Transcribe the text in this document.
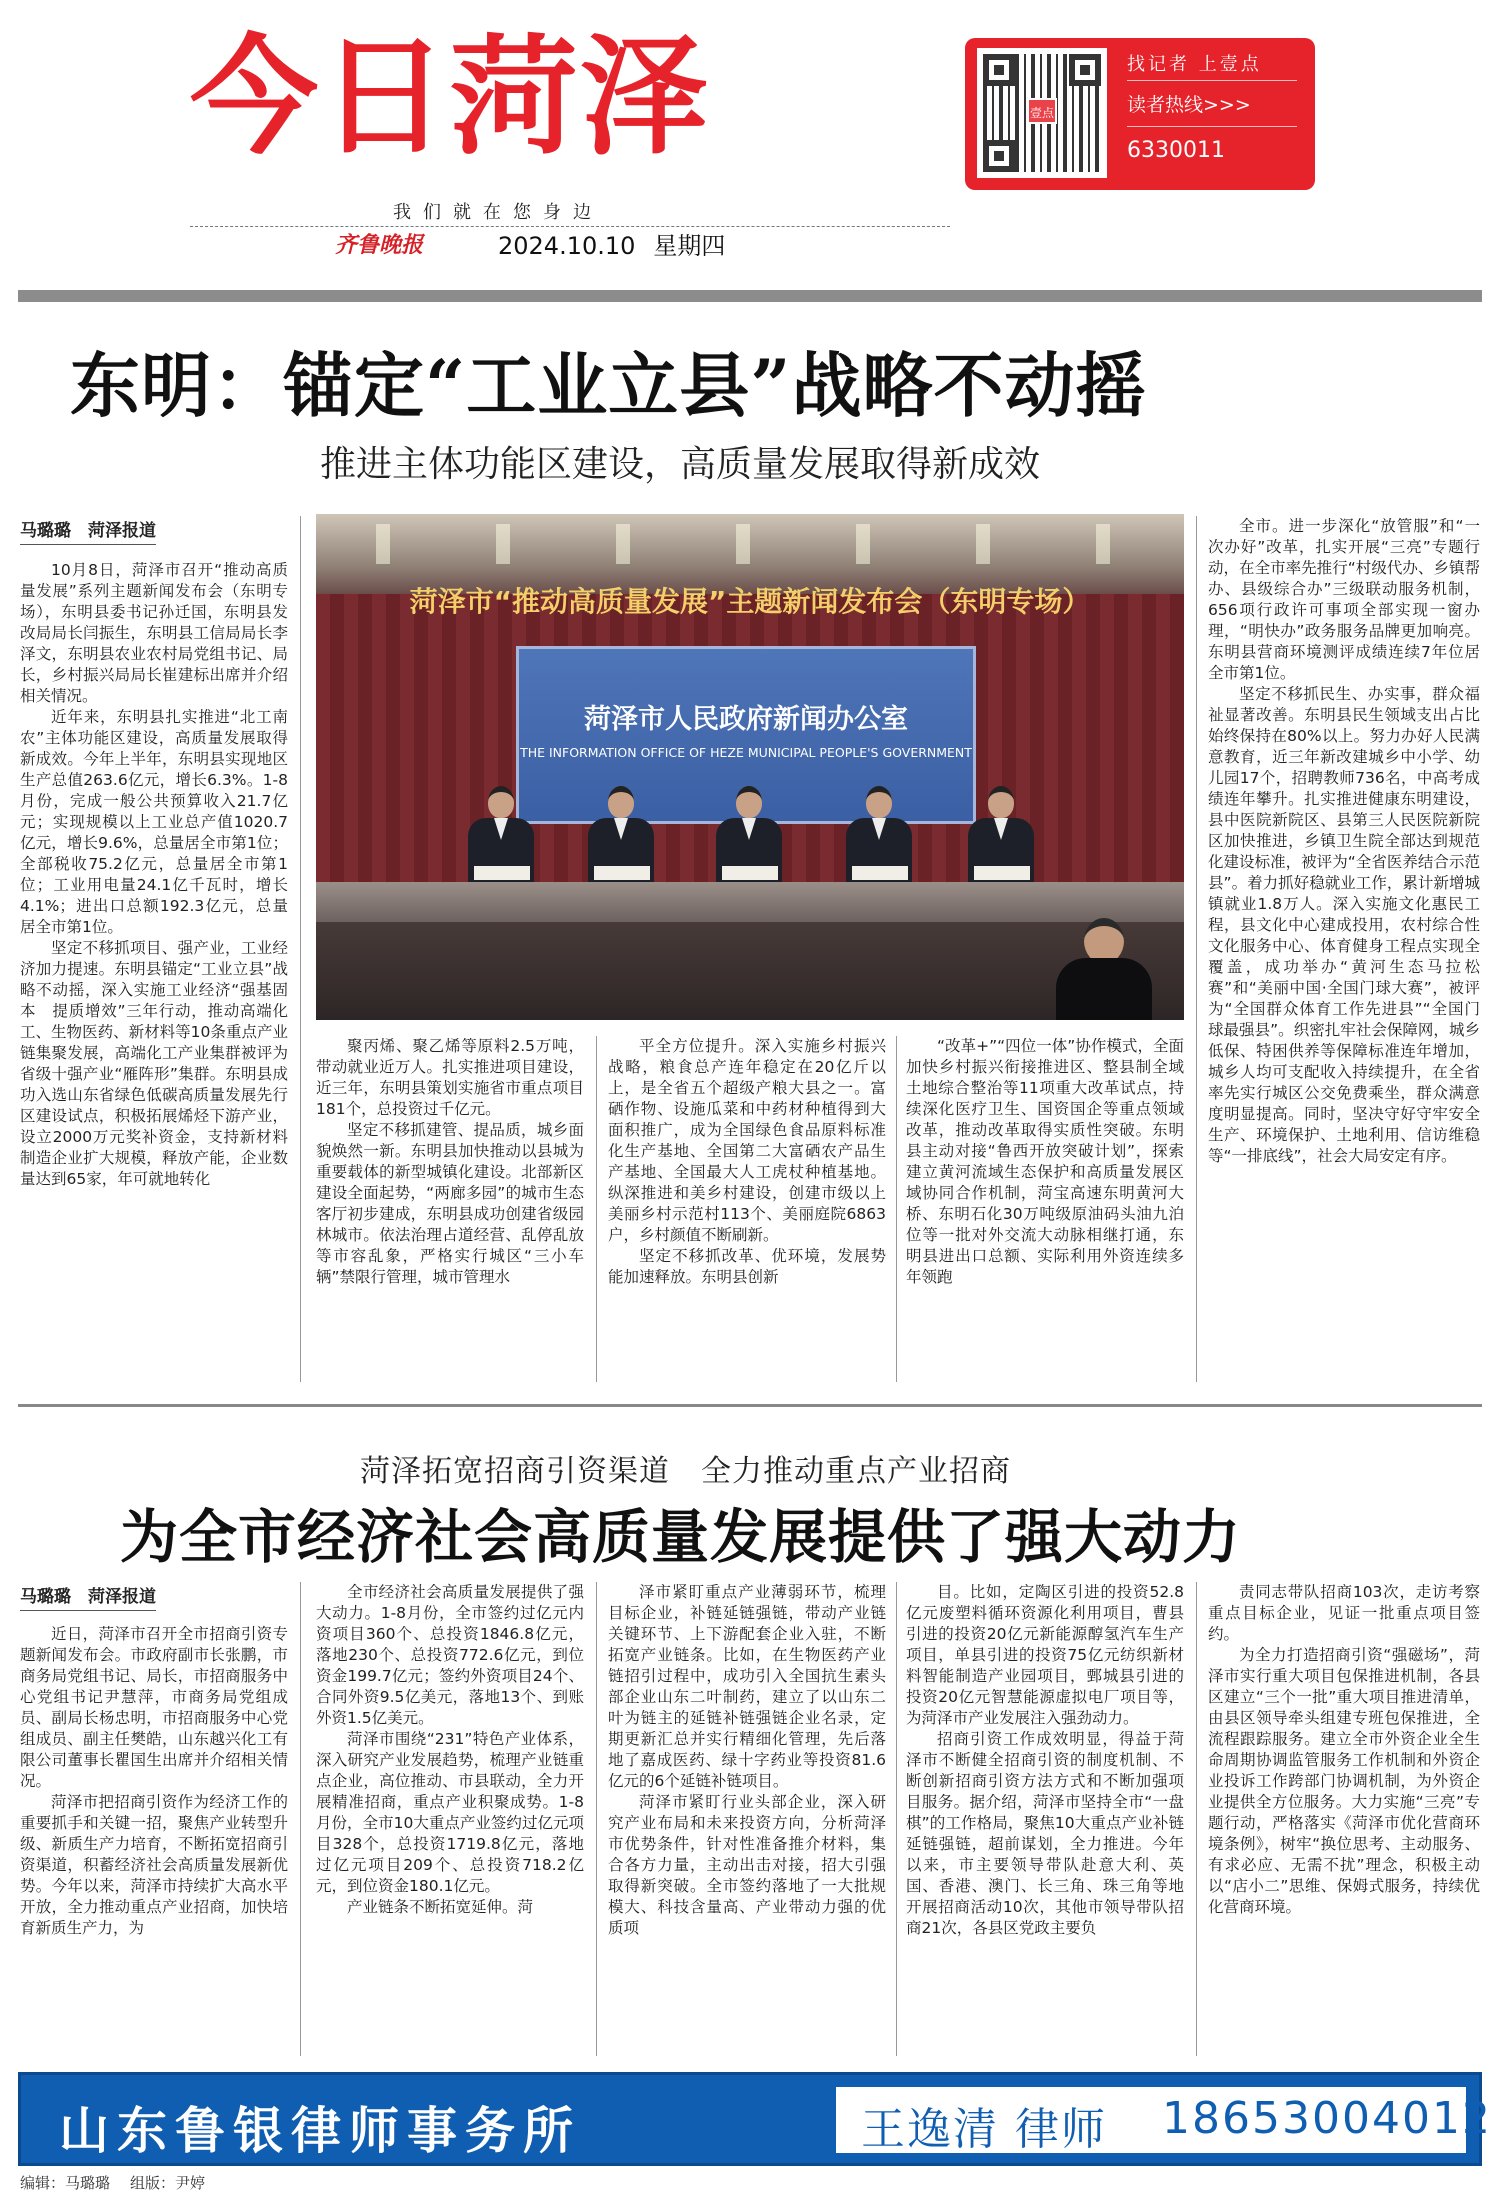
今日菏泽
我们就在您身边
齐鲁晚报	2024.10.10 星期四
壹点
找记者 上壹点
读者热线>>>
6330011
东明：锚定“工业立县”战略不动摇
推进主体功能区建设，高质量发展取得新成效
马璐璐　菏泽报道

10月8日，菏泽市召开“推动高质量发展”系列主题新闻发布会（东明专场），东明县委书记孙迁国，东明县发改局局长闫振生，东明县工信局局长李泽文，东明县农业农村局党组书记、局长，乡村振兴局局长崔建标出席并介绍相关情况。

近年来，东明县扎实推进“北工南农”主体功能区建设，高质量发展取得新成效。今年上半年，东明县实现地区生产总值263.6亿元，增长6.3%。1-8月份，完成一般公共预算收入21.7亿元；实现规模以上工业总产值1020.7亿元，增长9.6%，总量居全市第1位；全部税收75.2亿元，总量居全市第1位；工业用电量24.1亿千瓦时，增长4.1%；进出口总额192.3亿元，总量居全市第1位。

坚定不移抓项目、强产业，工业经济加力提速。东明县锚定“工业立县”战略不动摇，深入实施工业经济“强基固本　提质增效”三年行动，推动高端化工、生物医药、新材料等10条重点产业链集聚发展，高端化工产业集群被评为省级十强产业“雁阵形”集群。东明县成功入选山东省绿色低碳高质量发展先行区建设试点，积极拓展烯烃下游产业，设立2000万元奖补资金，支持新材料制造企业扩大规模，释放产能，企业数量达到65家，年可就地转化

菏泽市“推动高质量发展”主题新闻发布会（东明专场）
菏泽市人民政府新闻办公室
THE INFORMATION OFFICE OF HEZE MUNICIPAL PEOPLE'S GOVERNMENT

聚丙烯、聚乙烯等原料2.5万吨，带动就业近万人。扎实推进项目建设，近三年，东明县策划实施省市重点项目181个，总投资过千亿元。

坚定不移抓建管、提品质，城乡面貌焕然一新。东明县加快推动以县城为重要载体的新型城镇化建设。北部新区建设全面起势，“两廊多园”的城市生态客厅初步建成，东明县成功创建省级园林城市。依法治理占道经营、乱停乱放等市容乱象，严格实行城区“三小车辆”禁限行管理，城市管理水

平全方位提升。深入实施乡村振兴战略，粮食总产连年稳定在20亿斤以上，是全省五个超级产粮大县之一。富硒作物、设施瓜菜和中药材种植得到大面积推广，成为全国绿色食品原料标准化生产基地、全国第二大富硒农产品生产基地、全国最大人工虎杖种植基地。纵深推进和美乡村建设，创建市级以上美丽乡村示范村113个、美丽庭院6863户，乡村颜值不断刷新。

坚定不移抓改革、优环境，发展势能加速释放。东明县创新

“改革+”“四位一体”协作模式，全面加快乡村振兴衔接推进区、整县制全域土地综合整治等11项重大改革试点，持续深化医疗卫生、国资国企等重点领域改革，推动改革取得实质性突破。东明县主动对接“鲁西开放突破计划”，探索建立黄河流域生态保护和高质量发展区域协同合作机制，菏宝高速东明黄河大桥、东明石化30万吨级原油码头油九泊位等一批对外交流大动脉相继打通，东明县进出口总额、实际利用外资连续多年领跑

全市。进一步深化“放管服”和“一次办好”改革，扎实开展“三亮”专题行动，在全市率先推行“村级代办、乡镇帮办、县级综合办”三级联动服务机制，656项行政许可事项全部实现一窗办理，“明快办”政务服务品牌更加响亮。东明县营商环境测评成绩连续7年位居全市第1位。

坚定不移抓民生、办实事，群众福祉显著改善。东明县民生领域支出占比始终保持在80%以上。努力办好人民满意教育，近三年新改建城乡中小学、幼儿园17个，招聘教师736名，中高考成绩连年攀升。扎实推进健康东明建设，县中医院新院区、县第三人民医院新院区加快推进，乡镇卫生院全部达到规范化建设标准，被评为“全省医养结合示范县”。着力抓好稳就业工作，累计新增城镇就业1.8万人。深入实施文化惠民工程，县文化中心建成投用，农村综合性文化服务中心、体育健身工程点实现全覆盖，成功举办“黄河生态马拉松赛”和“美丽中国·全国门球大赛”，被评为“全国群众体育工作先进县”“全国门球最强县”。织密扎牢社会保障网，城乡低保、特困供养等保障标准连年增加，城乡人均可支配收入持续提升，在全省率先实行城区公交免费乘坐，群众满意度明显提高。同时，坚决守好守牢安全生产、环境保护、土地利用、信访维稳等“一排底线”，社会大局安定有序。

菏泽拓宽招商引资渠道　全力推动重点产业招商
为全市经济社会高质量发展提供了强大动力
马璐璐　菏泽报道

近日，菏泽市召开全市招商引资专题新闻发布会。市政府副市长张鹏，市商务局党组书记、局长，市招商服务中心党组书记尹慧萍，市商务局党组成员、副局长杨忠明，市招商服务中心党组成员、副主任樊皓，山东越兴化工有限公司董事长瞿国生出席并介绍相关情况。

菏泽市把招商引资作为经济工作的重要抓手和关键一招，聚焦产业转型升级、新质生产力培育，不断拓宽招商引资渠道，积蓄经济社会高质量发展新优势。今年以来，菏泽市持续扩大高水平开放，全力推动重点产业招商，加快培育新质生产力，为

全市经济社会高质量发展提供了强大动力。1-8月份，全市签约过亿元内资项目360个、总投资1846.8亿元，落地230个、总投资772.6亿元，到位资金199.7亿元；签约外资项目24个、合同外资9.5亿美元，落地13个、到账外资1.5亿美元。

菏泽市围绕“231”特色产业体系，深入研究产业发展趋势，梳理产业链重点企业，高位推动、市县联动，全力开展精准招商，重点产业积聚成势。1-8月份，全市10大重点产业签约过亿元项目328个，总投资1719.8亿元，落地过亿元项目209个、总投资718.2亿元，到位资金180.1亿元。

产业链条不断拓宽延伸。菏

泽市紧盯重点产业薄弱环节，梳理目标企业，补链延链强链，带动产业链关键环节、上下游配套企业入驻，不断拓宽产业链条。比如，在生物医药产业链招引过程中，成功引入全国抗生素头部企业山东二叶制药，建立了以山东二叶为链主的延链补链强链企业名录，定期更新汇总并实行精细化管理，先后落地了嘉成医药、绿十字药业等投资81.6亿元的6个延链补链项目。

菏泽市紧盯行业头部企业，深入研究产业布局和未来投资方向，分析菏泽市优势条件，针对性准备推介材料，集合各方力量，主动出击对接，招大引强取得新突破。全市签约落地了一大批规模大、科技含量高、产业带动力强的优质项

目。比如，定陶区引进的投资52.8亿元废塑料循环资源化利用项目，曹县引进的投资20亿元新能源醇氢汽车生产项目，单县引进的投资75亿元纺织新材料智能制造产业园项目，鄄城县引进的投资20亿元智慧能源虚拟电厂项目等，为菏泽市产业发展注入强劲动力。

招商引资工作成效明显，得益于菏泽市不断健全招商引资的制度机制、不断创新招商引资方法方式和不断加强项目服务。据介绍，菏泽市坚持全市“一盘棋”的工作格局，聚焦10大重点产业补链延链强链，超前谋划，全力推进。今年以来，市主要领导带队赴意大利、英国、香港、澳门、长三角、珠三角等地开展招商活动10次，其他市领导带队招商21次，各县区党政主要负

责同志带队招商103次，走访考察重点目标企业，见证一批重点项目签约。

为全力打造招商引资“强磁场”，菏泽市实行重大项目包保推进机制，各县区建立“三个一批”重大项目推进清单，由县区领导牵头组建专班包保推进，全流程跟踪服务。建立全市外资企业全生命周期协调监管服务工作机制和外资企业投诉工作跨部门协调机制，为外资企业提供全方位服务。大力实施“三亮”专题行动，严格落实《菏泽市优化营商环境条例》，树牢“换位思考、主动服务、有求必应、无需不扰”理念，积极主动以“店小二”思维、保姆式服务，持续优化营商环境。

山东鲁银律师事务所	王逸清 律师 18653004012
编辑：马璐璐 组版：尹婷
